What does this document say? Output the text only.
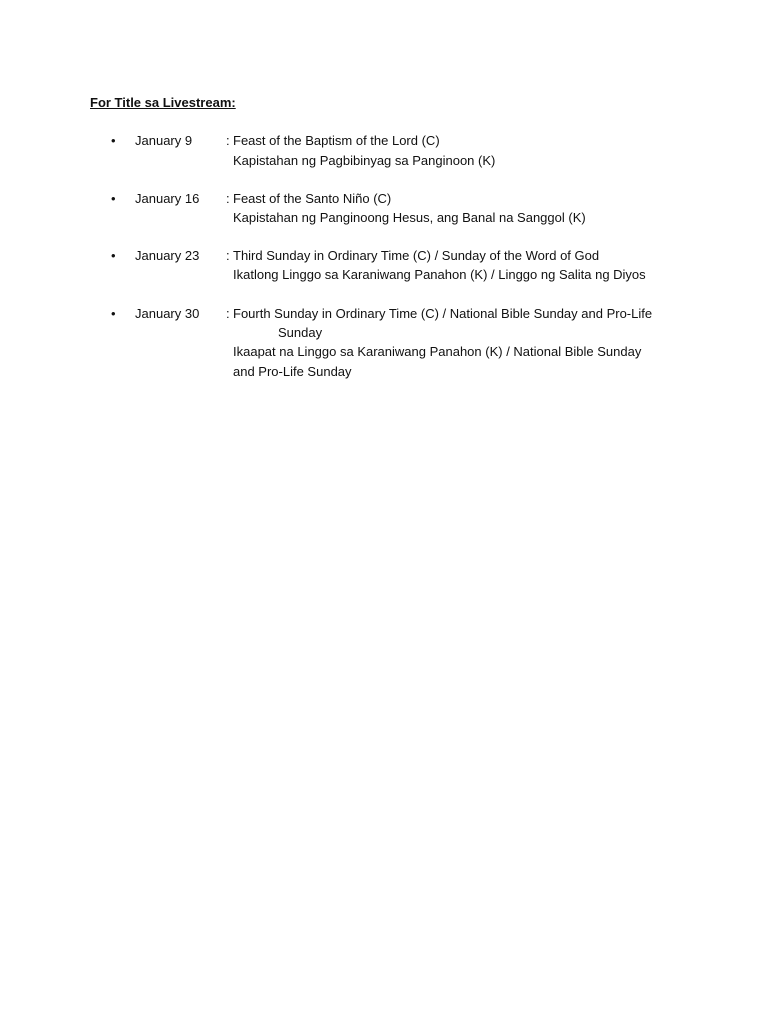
For Title sa Livestream:
• January 9	: Feast of the Baptism of the Lord (C)
Kapistahan ng Pagbibinyag sa Panginoon (K)
• January 16 : Feast of the Santo Niño (C)
Kapistahan ng Panginoong Hesus, ang Banal na Sanggol (K)
• January 23 : Third Sunday in Ordinary Time (C) / Sunday of the Word of God
Ikatlong Linggo sa Karaniwang Panahon (K) / Linggo ng Salita ng Diyos
• January 30 : Fourth Sunday in Ordinary Time (C) / National Bible Sunday and Pro-Life
Sunday
Ikaapat na Linggo sa Karaniwang Panahon (K) / National Bible Sunday
and Pro-Life Sunday
